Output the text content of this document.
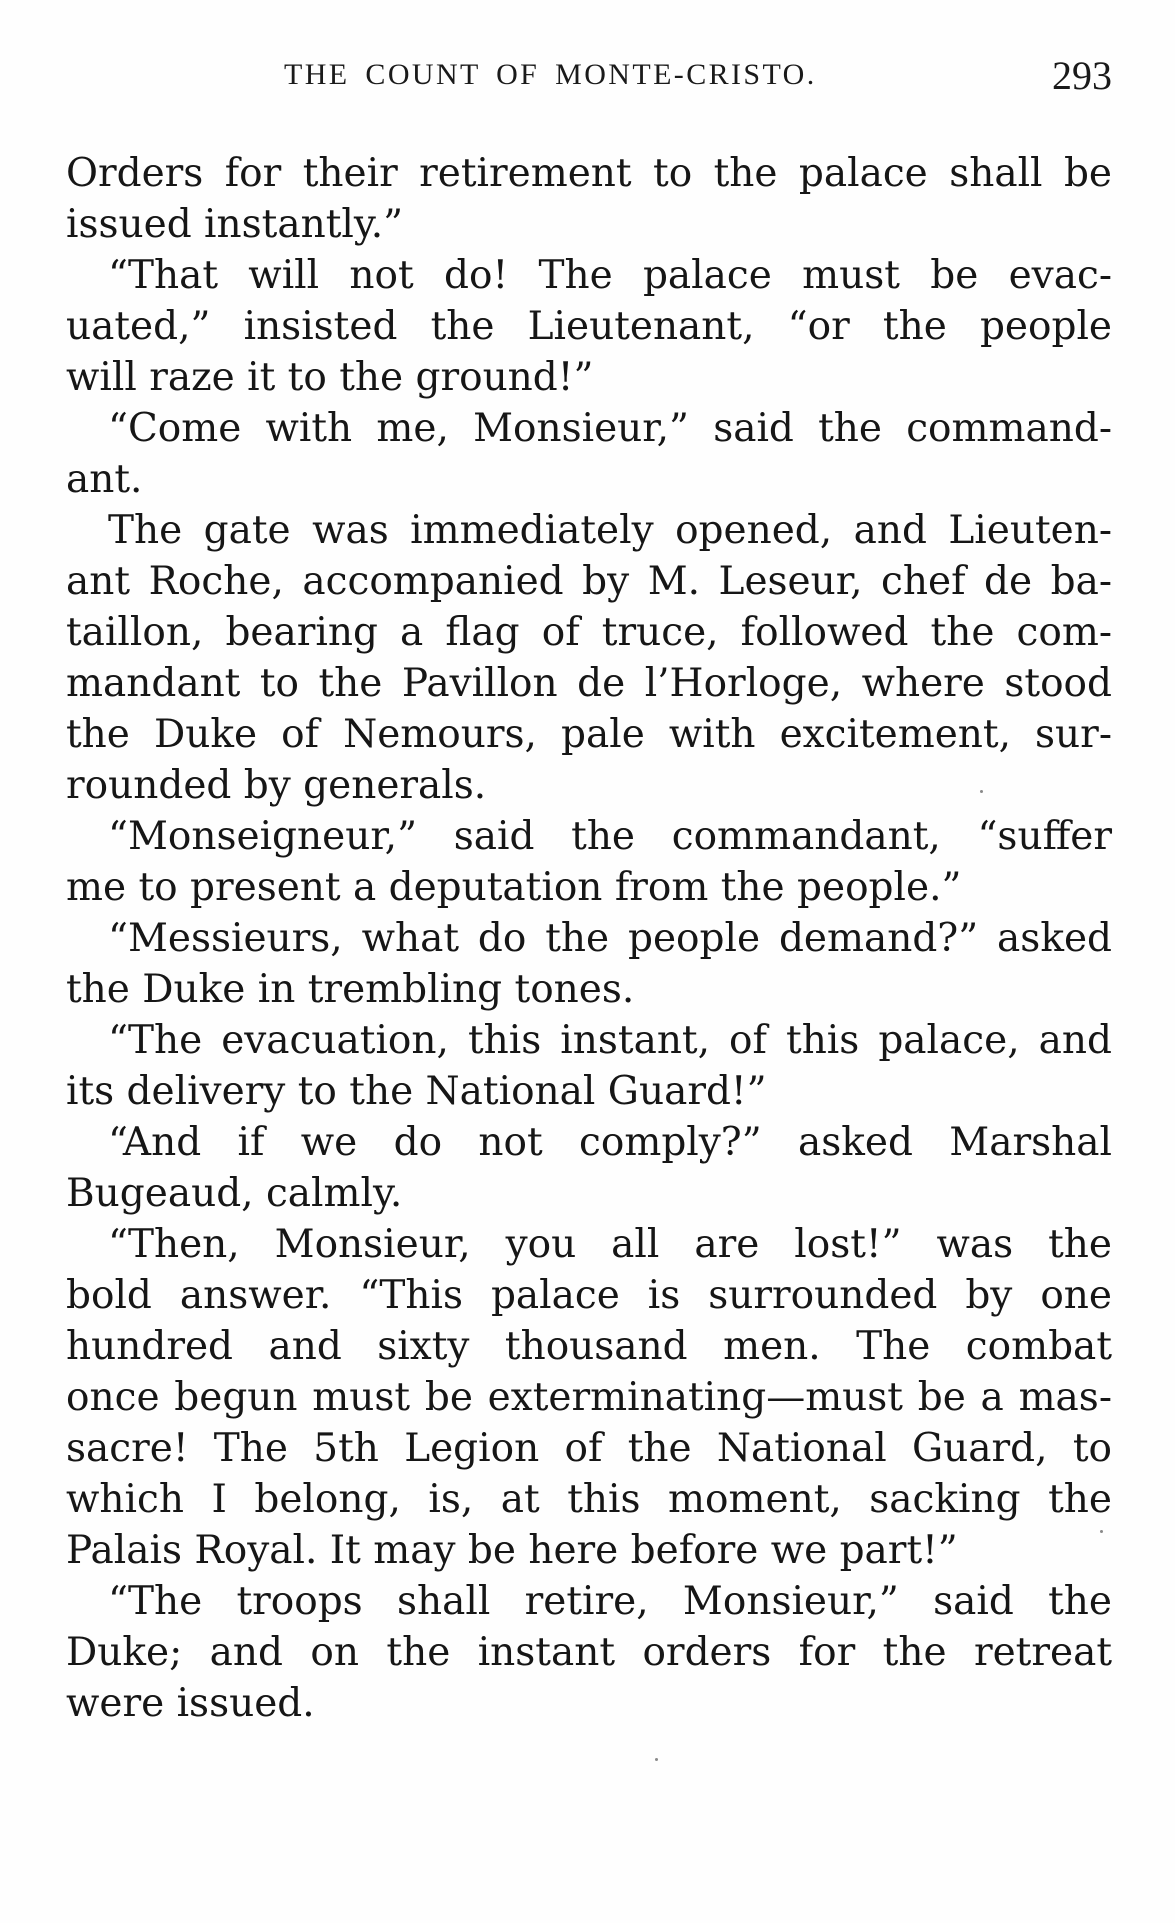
THE COUNT OF MONTE-CRISTO.	293
Orders for their retirement to the palace shall be
issued instantly.”
“That will not do! The palace must be evac-
uated,” insisted the Lieutenant, “or the people
will raze it to the ground!”
“Come with me, Monsieur,” said the command-
ant.
The gate was immediately opened, and Lieuten-
ant Roche, accompanied by M. Leseur, chef de ba-
taillon, bearing a flag of truce, followed the com-
mandant to the Pavillon de l’Horloge, where stood
the Duke of Nemours, pale with excitement, sur-
rounded by generals.
“Monseigneur,” said the commandant, “suffer
me to present a deputation from the people.”
“Messieurs, what do the people demand?” asked
the Duke in trembling tones.
“The evacuation, this instant, of this palace, and
its delivery to the National Guard!”
“And if we do not comply?” asked Marshal
Bugeaud, calmly.
“Then, Monsieur, you all are lost!” was the
bold answer. “This palace is surrounded by one
hundred and sixty thousand men. The combat
once begun must be exterminating—must be a mas-
sacre! The 5th Legion of the National Guard, to
which I belong, is, at this moment, sacking the
Palais Royal. It may be here before we part!”
“The troops shall retire, Monsieur,” said the
Duke; and on the instant orders for the retreat
were issued.
